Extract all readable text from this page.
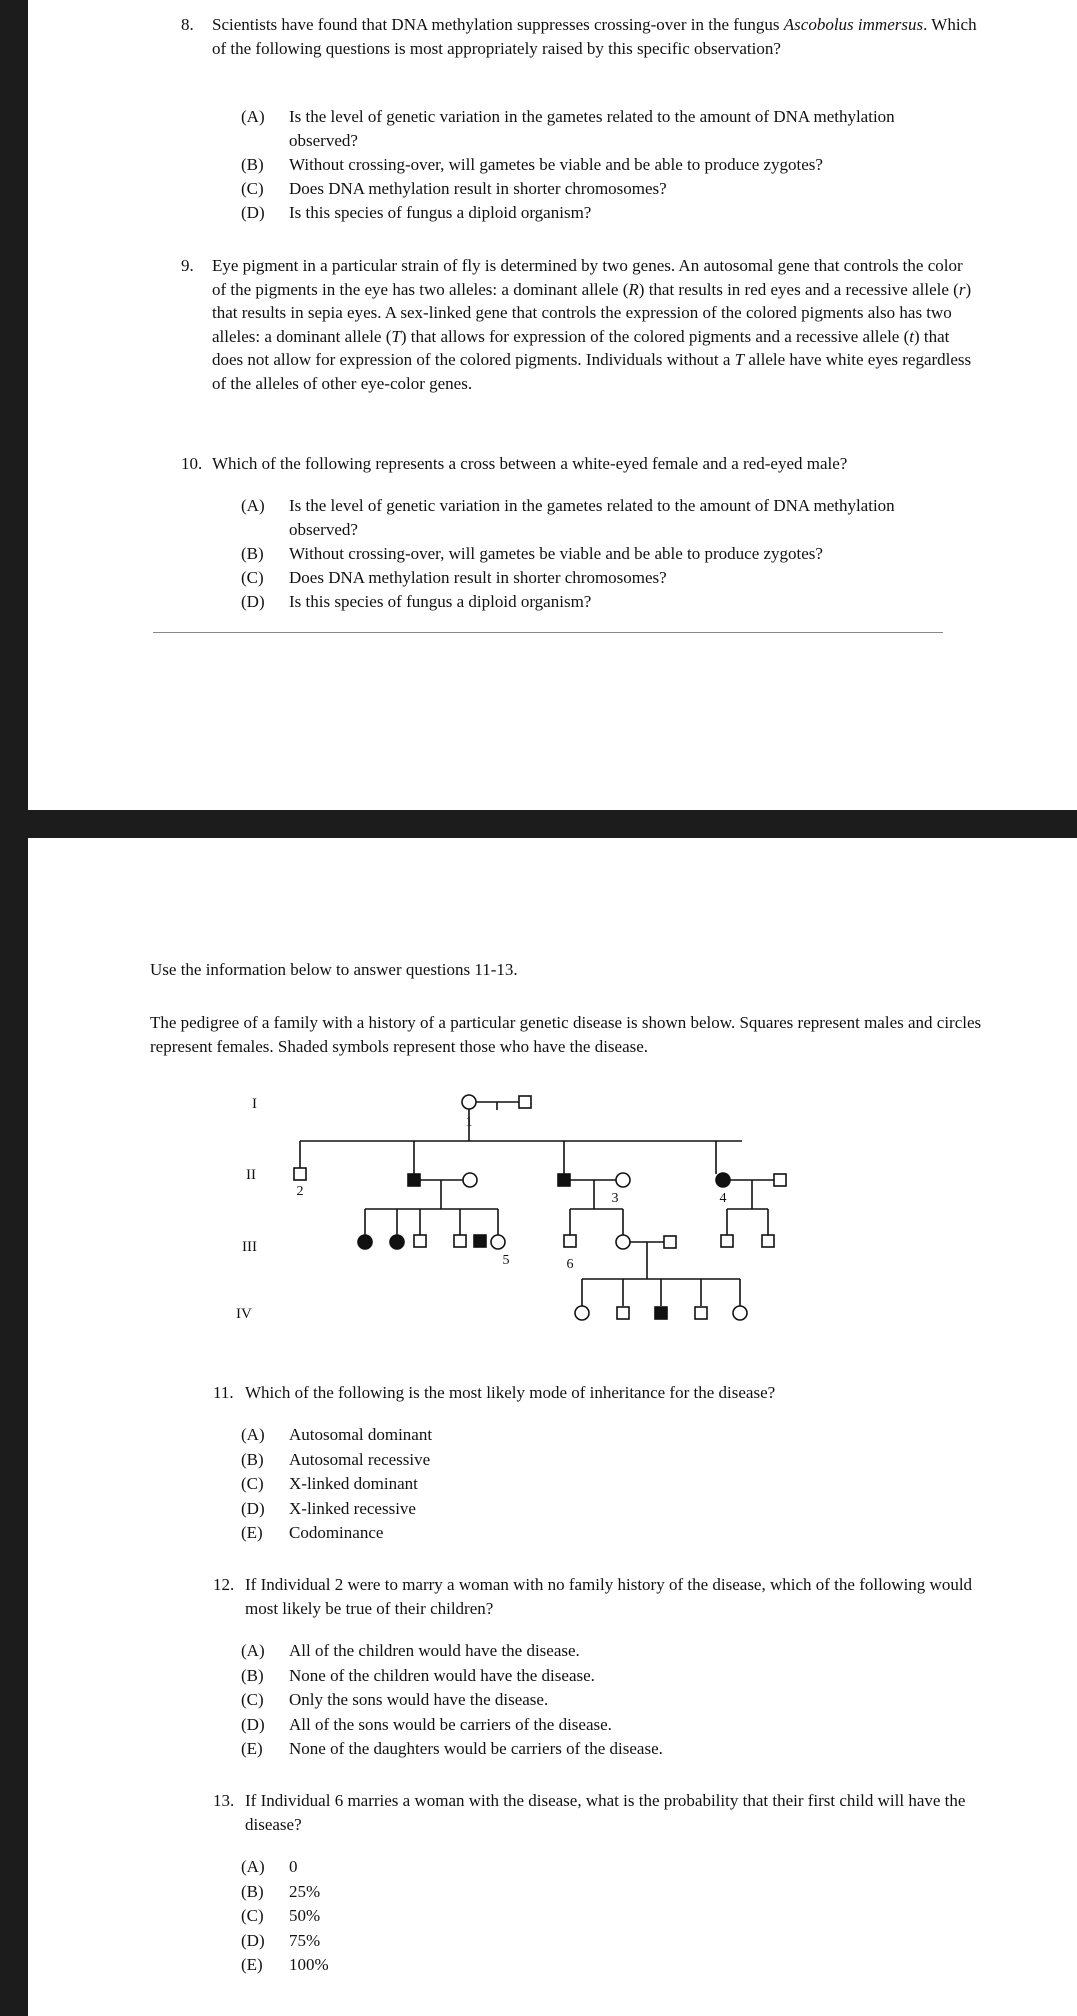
8. Scientists have found that DNA methylation suppresses crossing-over in the fungus Ascobolus immersus. Which of the following questions is most appropriately raised by this specific observation?
(A) Is the level of genetic variation in the gametes related to the amount of DNA methylation observed?
(B) Without crossing-over, will gametes be viable and be able to produce zygotes?
(C) Does DNA methylation result in shorter chromosomes?
(D) Is this species of fungus a diploid organism?
9. Eye pigment in a particular strain of fly is determined by two genes. An autosomal gene that controls the color of the pigments in the eye has two alleles: a dominant allele (R) that results in red eyes and a recessive allele (r) that results in sepia eyes. A sex-linked gene that controls the expression of the colored pigments also has two alleles: a dominant allele (T) that allows for expression of the colored pigments and a recessive allele (t) that does not allow for expression of the colored pigments. Individuals without a T allele have white eyes regardless of the alleles of other eye-color genes.
10. Which of the following represents a cross between a white-eyed female and a red-eyed male?
(A) Is the level of genetic variation in the gametes related to the amount of DNA methylation observed?
(B) Without crossing-over, will gametes be viable and be able to produce zygotes?
(C) Does DNA methylation result in shorter chromosomes?
(D) Is this species of fungus a diploid organism?

Use the information below to answer questions 11-13.

The pedigree of a family with a history of a particular genetic disease is shown below. Squares represent males and circles represent females. Shaded symbols represent those who have the disease.

I
II
III
IV
1
2
5
3
6
4
11. Which of the following is the most likely mode of inheritance for the disease?
(A) Autosomal dominant
(B) Autosomal recessive
(C) X-linked dominant
(D) X-linked recessive
(E) Codominance
12. If Individual 2 were to marry a woman with no family history of the disease, which of the following would most likely be true of their children?
(A) All of the children would have the disease.
(B) None of the children would have the disease.
(C) Only the sons would have the disease.
(D) All of the sons would be carriers of the disease.
(E) None of the daughters would be carriers of the disease.
13. If Individual 6 marries a woman with the disease, what is the probability that their first child will have the disease?
(A) 0
(B) 25%
(C) 50%
(D) 75%
(E) 100%
